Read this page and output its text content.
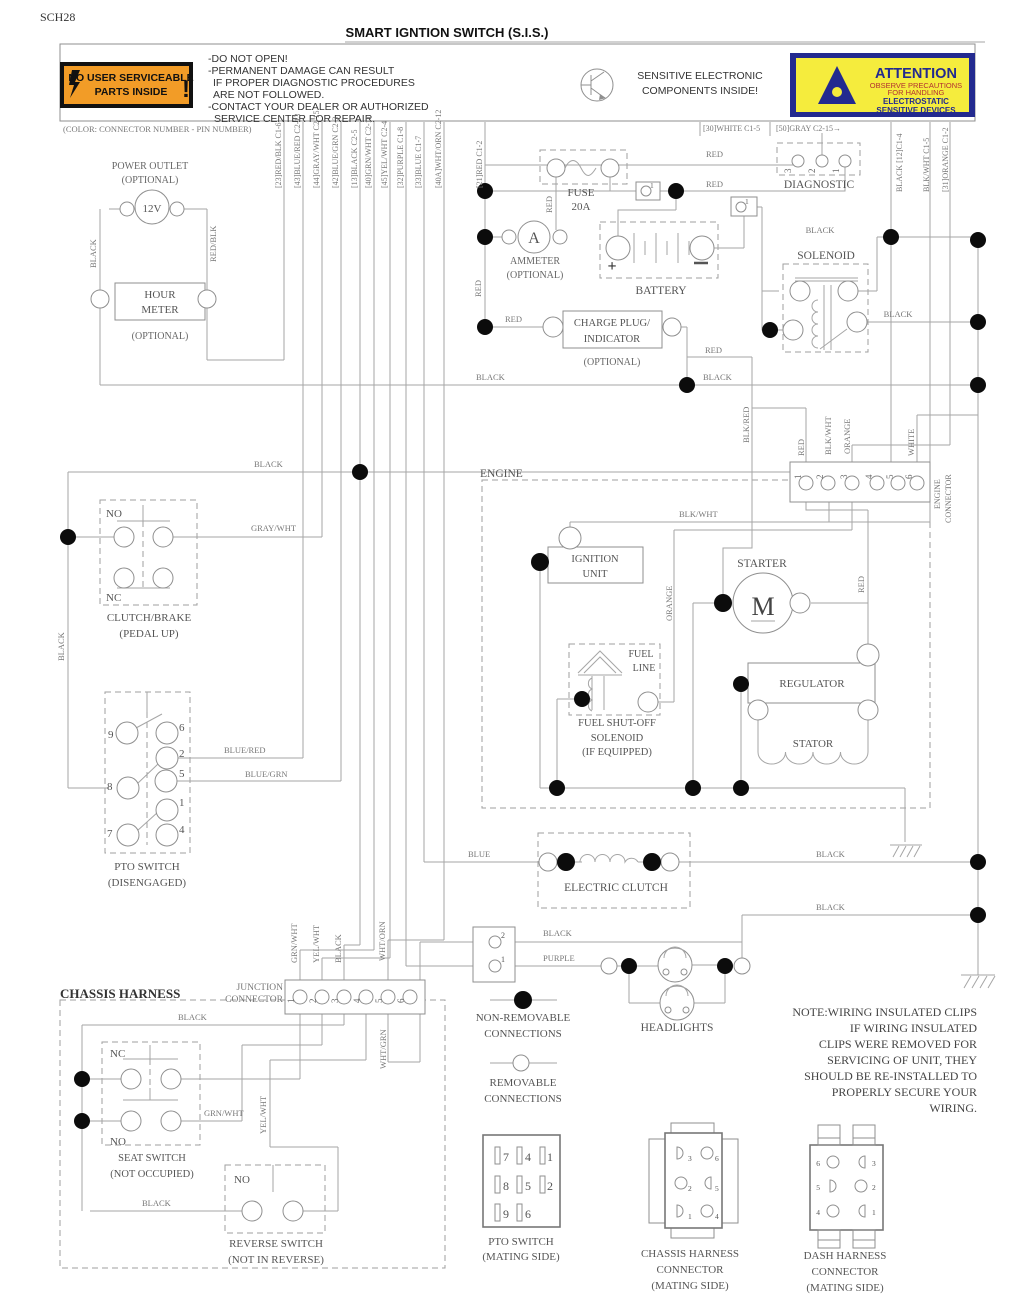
SCH28
SMART IGNTION SWITCH (S.I.S.)
NO USER SERVICEABLE
PARTS INSIDE !
-DO NOT OPEN!
-PERMANENT DAMAGE CAN RESULT
IF PROPER DIAGNOSTIC PROCEDURES
ARE NOT FOLLOWED.
-CONTACT YOUR DEALER OR AUTHORIZED
SERVICE CENTER FOR REPAIR.
SENSITIVE ELECTRONIC
COMPONENTS INSIDE!
ATTENTION
OBSERVE PRECAUTIONS
FOR HANDLING
ELECTROSTATIC
SENSITIVE DEVICES
(COLOR: CONNECTOR NUMBER - PIN NUMBER)	[23]RED/BLK C1-6 [43]BLUE/RED C2-13 [44]GRAY/WHT C2-15 [42]BLUE/GRN C2-3 [13]BLACK C2-5 [40]GRN/WHT C2-11 [45]YEL/WHT C2-4 [32]PURPLE C1-8 [33]BLUE C1-7 [40A]WHT/ORN C2-12	[21]RED C1-2
[30]WHITE C1-5 [50]GRAY C2-15→
BLACK [12]C1-4 BLK/WHT C1-5 [31]ORANGE C1-2
RED
RED
RED
RED
BLACK
BLACK
BLACK	BLACK
BLACK
GRAY/WHT
BLK/WHT
BLUE/RED
BLUE/GRN
BLUE	BLACK
BLACK
BLACK
PURPLE
BLACK
GRN/WHT
BLACK
BLACK	RED/BLK
RED
RED
BLACK
BLK/RED
RED
ORANGE
RED BLK/WHT ORANGE	WHITE
GRN/WHT YEL/WHT BLACK	WHT/ORN
WHT/GRN
YEL/WHT
POWER OUTLET
(OPTIONAL)
12V
HOUR
METER
(OPTIONAL)
FUSE
20A
1
1
A
AMMETER
(OPTIONAL)
+
BATTERY
CHARGE PLUG/
INDICATOR
(OPTIONAL)
3 2 1
DIAGNOSTIC
SOLENOID
ENGINE	1 2 3 4 5 6
ENGINE CONNECTOR
IGNITION
UNIT
STARTER
M
FUEL
LINE
FUEL SHUT-OFF
SOLENOID
(IF EQUIPPED)
REGULATOR
STATOR
NO
NC
CLUTCH/BRAKE
(PEDAL UP)
9
6
2
8
5
1
7	4
PTO SWITCH
(DISENGAGED)	ELECTRIC CLUTCH
2
1
HEADLIGHTS
NON-REMOVABLE
CONNECTIONS
REMOVABLE
CONNECTIONS
CHASSIS HARNESS	JUNCTION
CONNECTOR 1 2 3 4 5 6
NC
NO
SEAT SWITCH
(NOT OCCUPIED)	NO
REVERSE SWITCH
(NOT IN REVERSE)
NOTE:WIRING INSULATED CLIPS
IF WIRING INSULATED
CLIPS WERE REMOVED FOR
SERVICING OF UNIT, THEY
SHOULD BE RE-INSTALLED TO
PROPERLY SECURE YOUR
WIRING.
7 4 1
8 5 2
9 6
PTO SWITCH
(MATING SIDE)
3
2
1
6
5
4
CHASSIS HARNESS
CONNECTOR
(MATING SIDE)
6
5
4
3
2
1
DASH HARNESS
CONNECTOR
(MATING SIDE)
